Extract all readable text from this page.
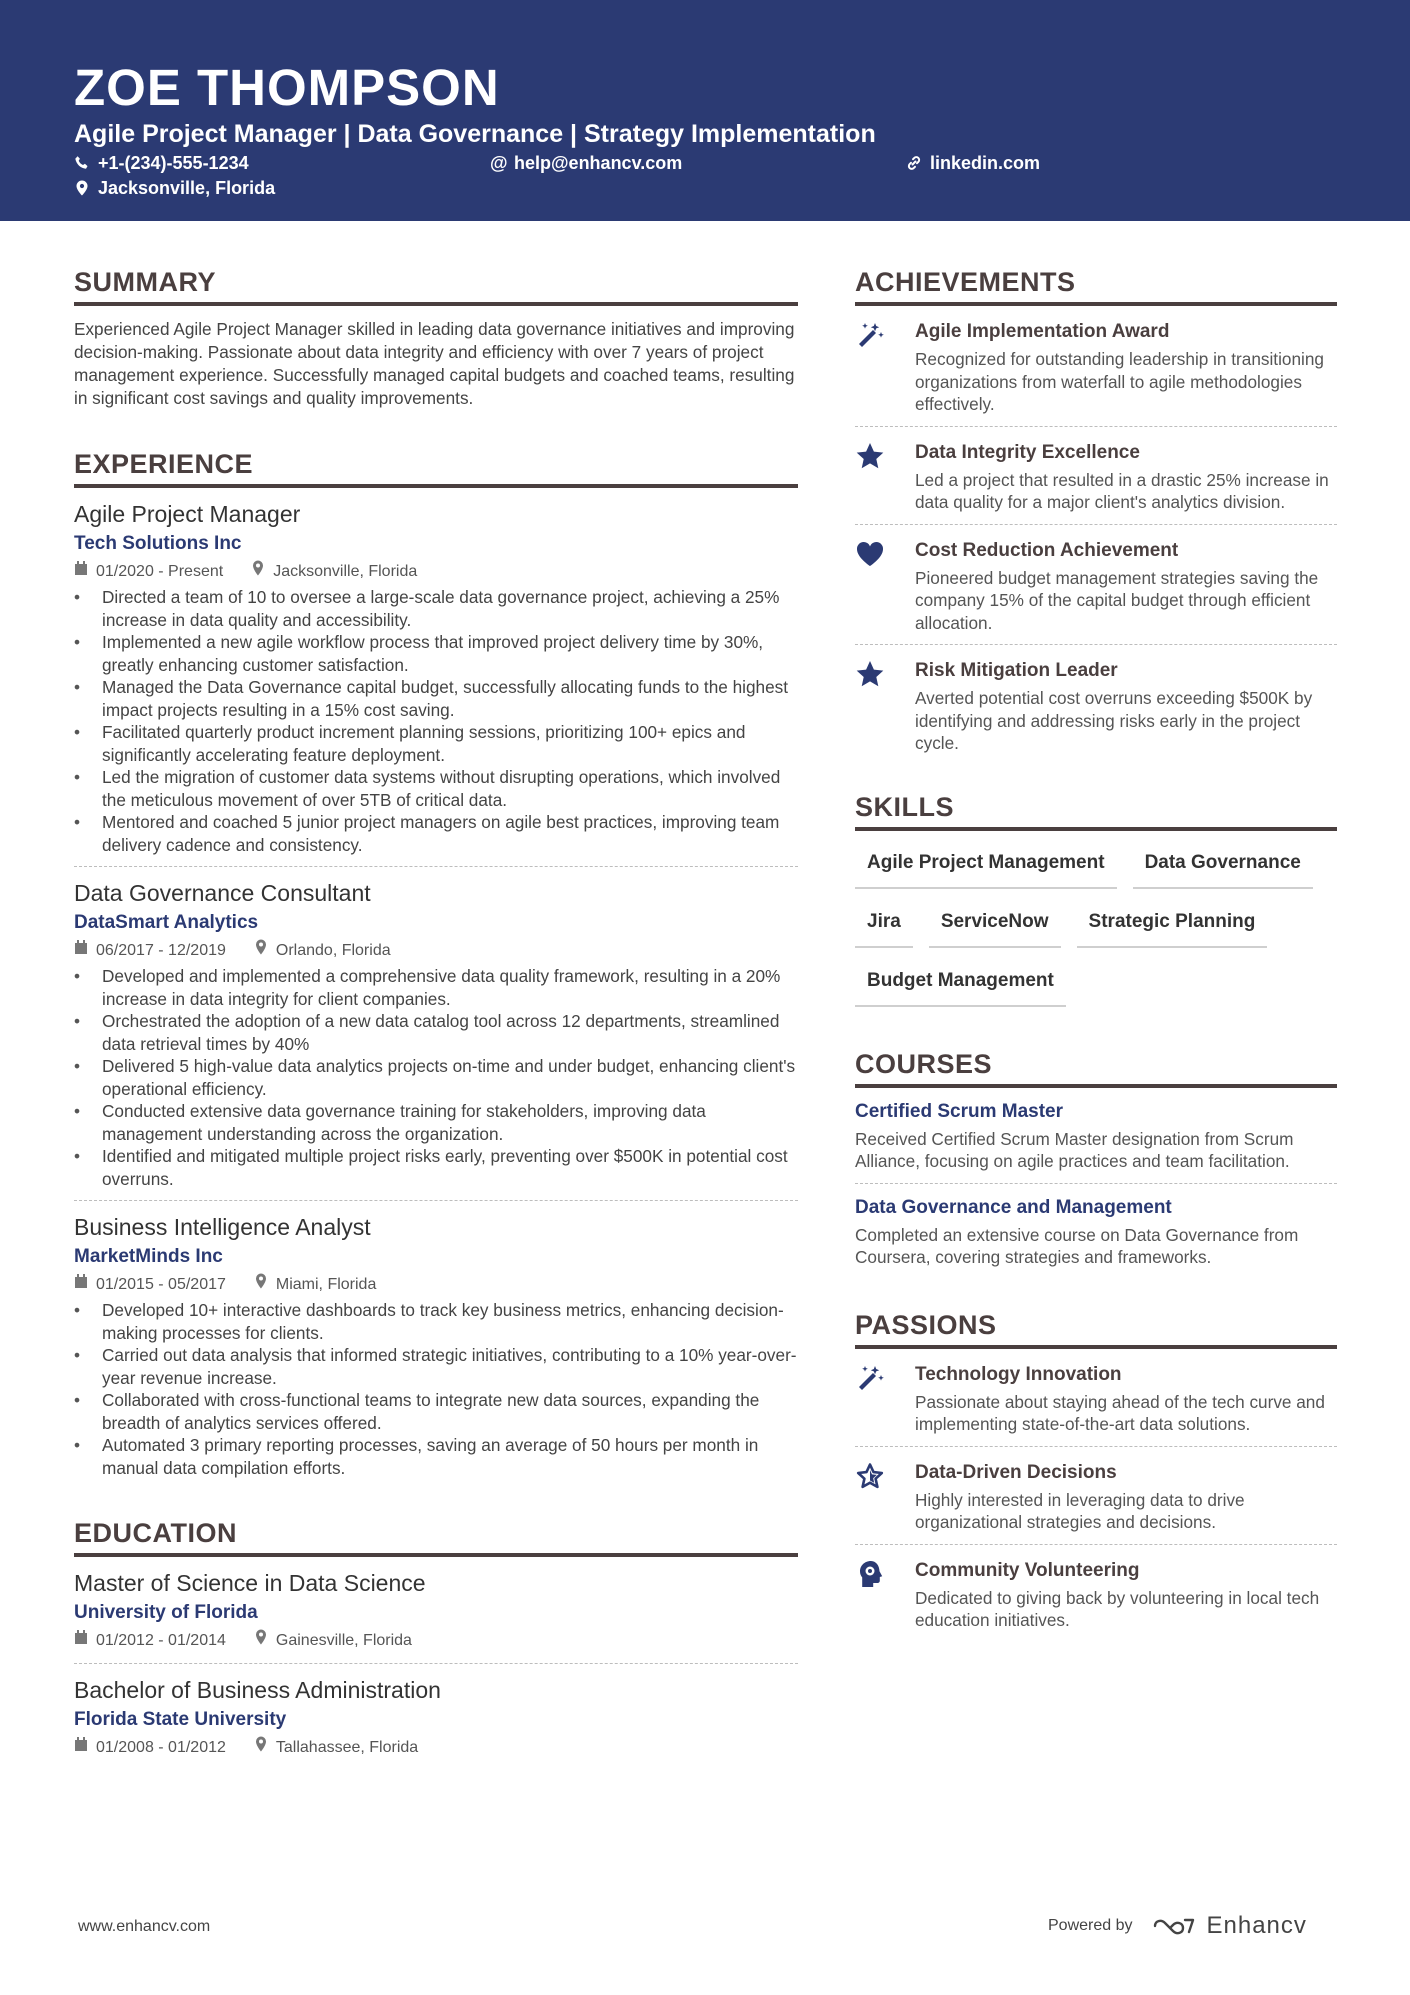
ZOE THOMPSON
Agile Project Manager | Data Governance | Strategy Implementation
+1-(234)-555-1234	@ help@enhancv.com	linkedin.com
Jacksonville, Florida
SUMMARY
Experienced Agile Project Manager skilled in leading data governance initiatives and improving decision-making. Passionate about data integrity and efficiency with over 7 years of project management experience. Successfully managed capital budgets and coached teams, resulting in significant cost savings and quality improvements.
EXPERIENCE
Agile Project Manager
Tech Solutions Inc
01/2020 - Present	Jacksonville, Florida
• Directed a team of 10 to oversee a large-scale data governance project, achieving a 25% increase in data quality and accessibility.
• Implemented a new agile workflow process that improved project delivery time by 30%, greatly enhancing customer satisfaction.
• Managed the Data Governance capital budget, successfully allocating funds to the highest impact projects resulting in a 15% cost saving.
• Facilitated quarterly product increment planning sessions, prioritizing 100+ epics and significantly accelerating feature deployment.
• Led the migration of customer data systems without disrupting operations, which involved the meticulous movement of over 5TB of critical data.
• Mentored and coached 5 junior project managers on agile best practices, improving team delivery cadence and consistency.
Data Governance Consultant
DataSmart Analytics
06/2017 - 12/2019	Orlando, Florida
• Developed and implemented a comprehensive data quality framework, resulting in a 20% increase in data integrity for client companies.
• Orchestrated the adoption of a new data catalog tool across 12 departments, streamlined data retrieval times by 40%
• Delivered 5 high-value data analytics projects on-time and under budget, enhancing client's operational efficiency.
• Conducted extensive data governance training for stakeholders, improving data management understanding across the organization.
• Identified and mitigated multiple project risks early, preventing over $500K in potential cost overruns.
Business Intelligence Analyst
MarketMinds Inc
01/2015 - 05/2017	Miami, Florida
• Developed 10+ interactive dashboards to track key business metrics, enhancing decision-making processes for clients.
• Carried out data analysis that informed strategic initiatives, contributing to a 10% year-over-year revenue increase.
• Collaborated with cross-functional teams to integrate new data sources, expanding the breadth of analytics services offered.
• Automated 3 primary reporting processes, saving an average of 50 hours per month in manual data compilation efforts.
EDUCATION
Master of Science in Data Science
University of Florida
01/2012 - 01/2014	Gainesville, Florida
Bachelor of Business Administration
Florida State University
01/2008 - 01/2012	Tallahassee, Florida
ACHIEVEMENTS
Agile Implementation Award
Recognized for outstanding leadership in transitioning organizations from waterfall to agile methodologies effectively.
Data Integrity Excellence
Led a project that resulted in a drastic 25% increase in data quality for a major client's analytics division.
Cost Reduction Achievement
Pioneered budget management strategies saving the company 15% of the capital budget through efficient allocation.
Risk Mitigation Leader
Averted potential cost overruns exceeding $500K by identifying and addressing risks early in the project cycle.
SKILLS
Agile Project Management	Data Governance
Jira	ServiceNow	Strategic Planning
Budget Management
COURSES
Certified Scrum Master
Received Certified Scrum Master designation from Scrum Alliance, focusing on agile practices and team facilitation.
Data Governance and Management
Completed an extensive course on Data Governance from Coursera, covering strategies and frameworks.
PASSIONS
Technology Innovation
Passionate about staying ahead of the tech curve and implementing state-of-the-art data solutions.
Data-Driven Decisions
Highly interested in leveraging data to drive organizational strategies and decisions.
Community Volunteering
Dedicated to giving back by volunteering in local tech education initiatives.
www.enhancv.com	Powered by	Enhancv
